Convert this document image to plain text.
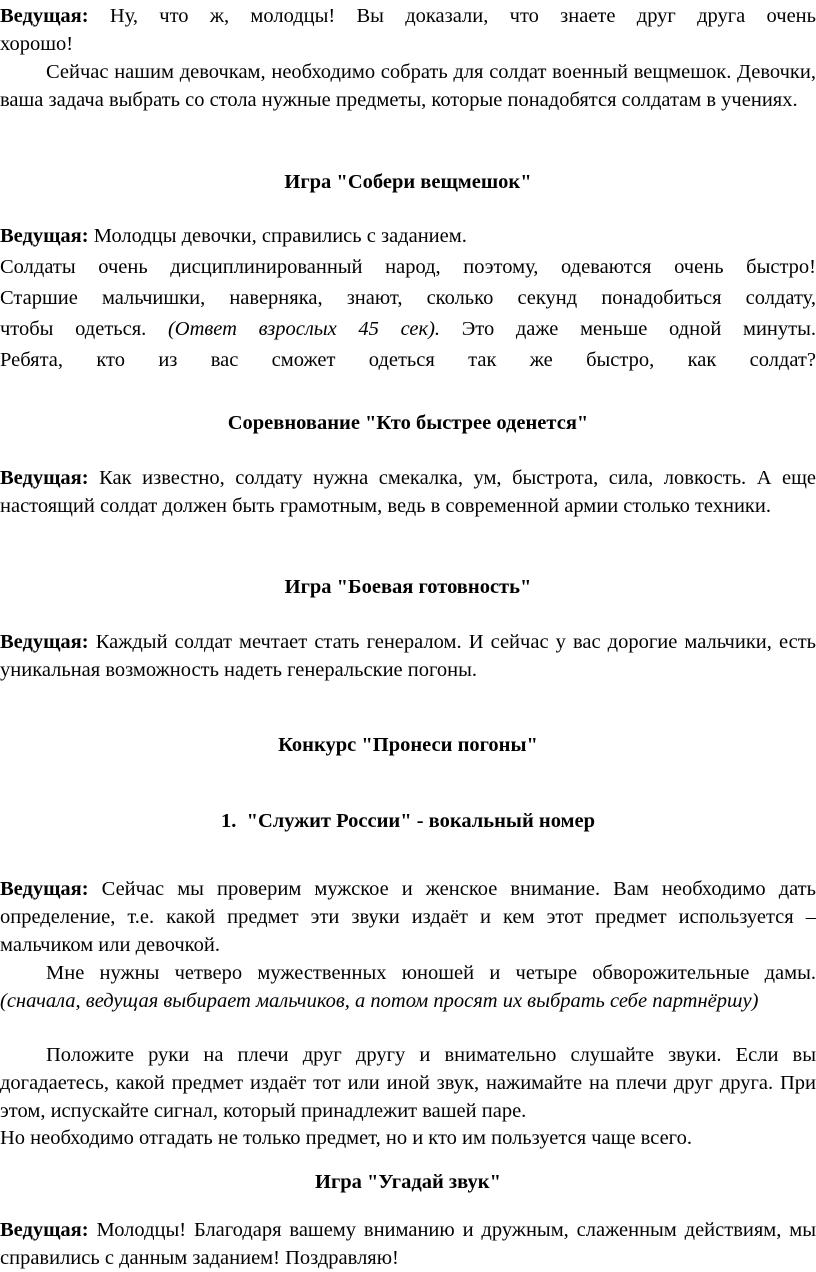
Ведущая: Ну, что ж, молодцы! Вы доказали, что знаете друг друга очень
хорошо!
Сейчас нашим девочкам, необходимо собрать для солдат военный вещмешок. Девочки, ваша задача выбрать со стола нужные предметы, которые понадобятся солдатам в учениях.
Игра "Собери вещмешок"
Ведущая: Молодцы девочки, справились с заданием.
Солдаты очень дисциплинированный народ, поэтому, одеваются очень быстро!
Старшие мальчишки, наверняка, знают, сколько секунд понадобиться солдату,
чтобы одеться. (Ответ взрослых 45 сек). Это даже меньше одной минуты.
Ребята, кто из вас сможет одеться так же быстро, как солдат?
Соревнование "Кто быстрее оденется"
Ведущая: Как известно, солдату нужна смекалка, ум, быстрота, сила, ловкость. А еще настоящий солдат должен быть грамотным, ведь в современной армии столько техники.
Игра "Боевая готовность"
Ведущая: Каждый солдат мечтает стать генералом. И сейчас у вас дорогие мальчики, есть уникальная возможность надеть генеральские погоны.
Конкурс "Пронеси погоны"
1.  "Служит России" - вокальный номер
Ведущая: Сейчас мы проверим мужское и женское внимание. Вам необходимо дать определение, т.е. какой предмет эти звуки издаёт и кем этот предмет используется – мальчиком или девочкой.
Мне нужны четверо мужественных юношей и четыре обворожительные дамы. (сначала, ведущая выбирает мальчиков, а потом просят их выбрать себе партнёршу)
Положите руки на плечи друг другу и внимательно слушайте звуки. Если вы догадаетесь, какой предмет издаёт тот или иной звук, нажимайте на плечи друг друга. При этом, испускайте сигнал, который принадлежит вашей паре.
Но необходимо отгадать не только предмет, но и кто им пользуется чаще всего.
Игра "Угадай звук"
Ведущая: Молодцы! Благодаря вашему вниманию и дружным, слаженным действиям, мы справились с данным заданием! Поздравляю!
